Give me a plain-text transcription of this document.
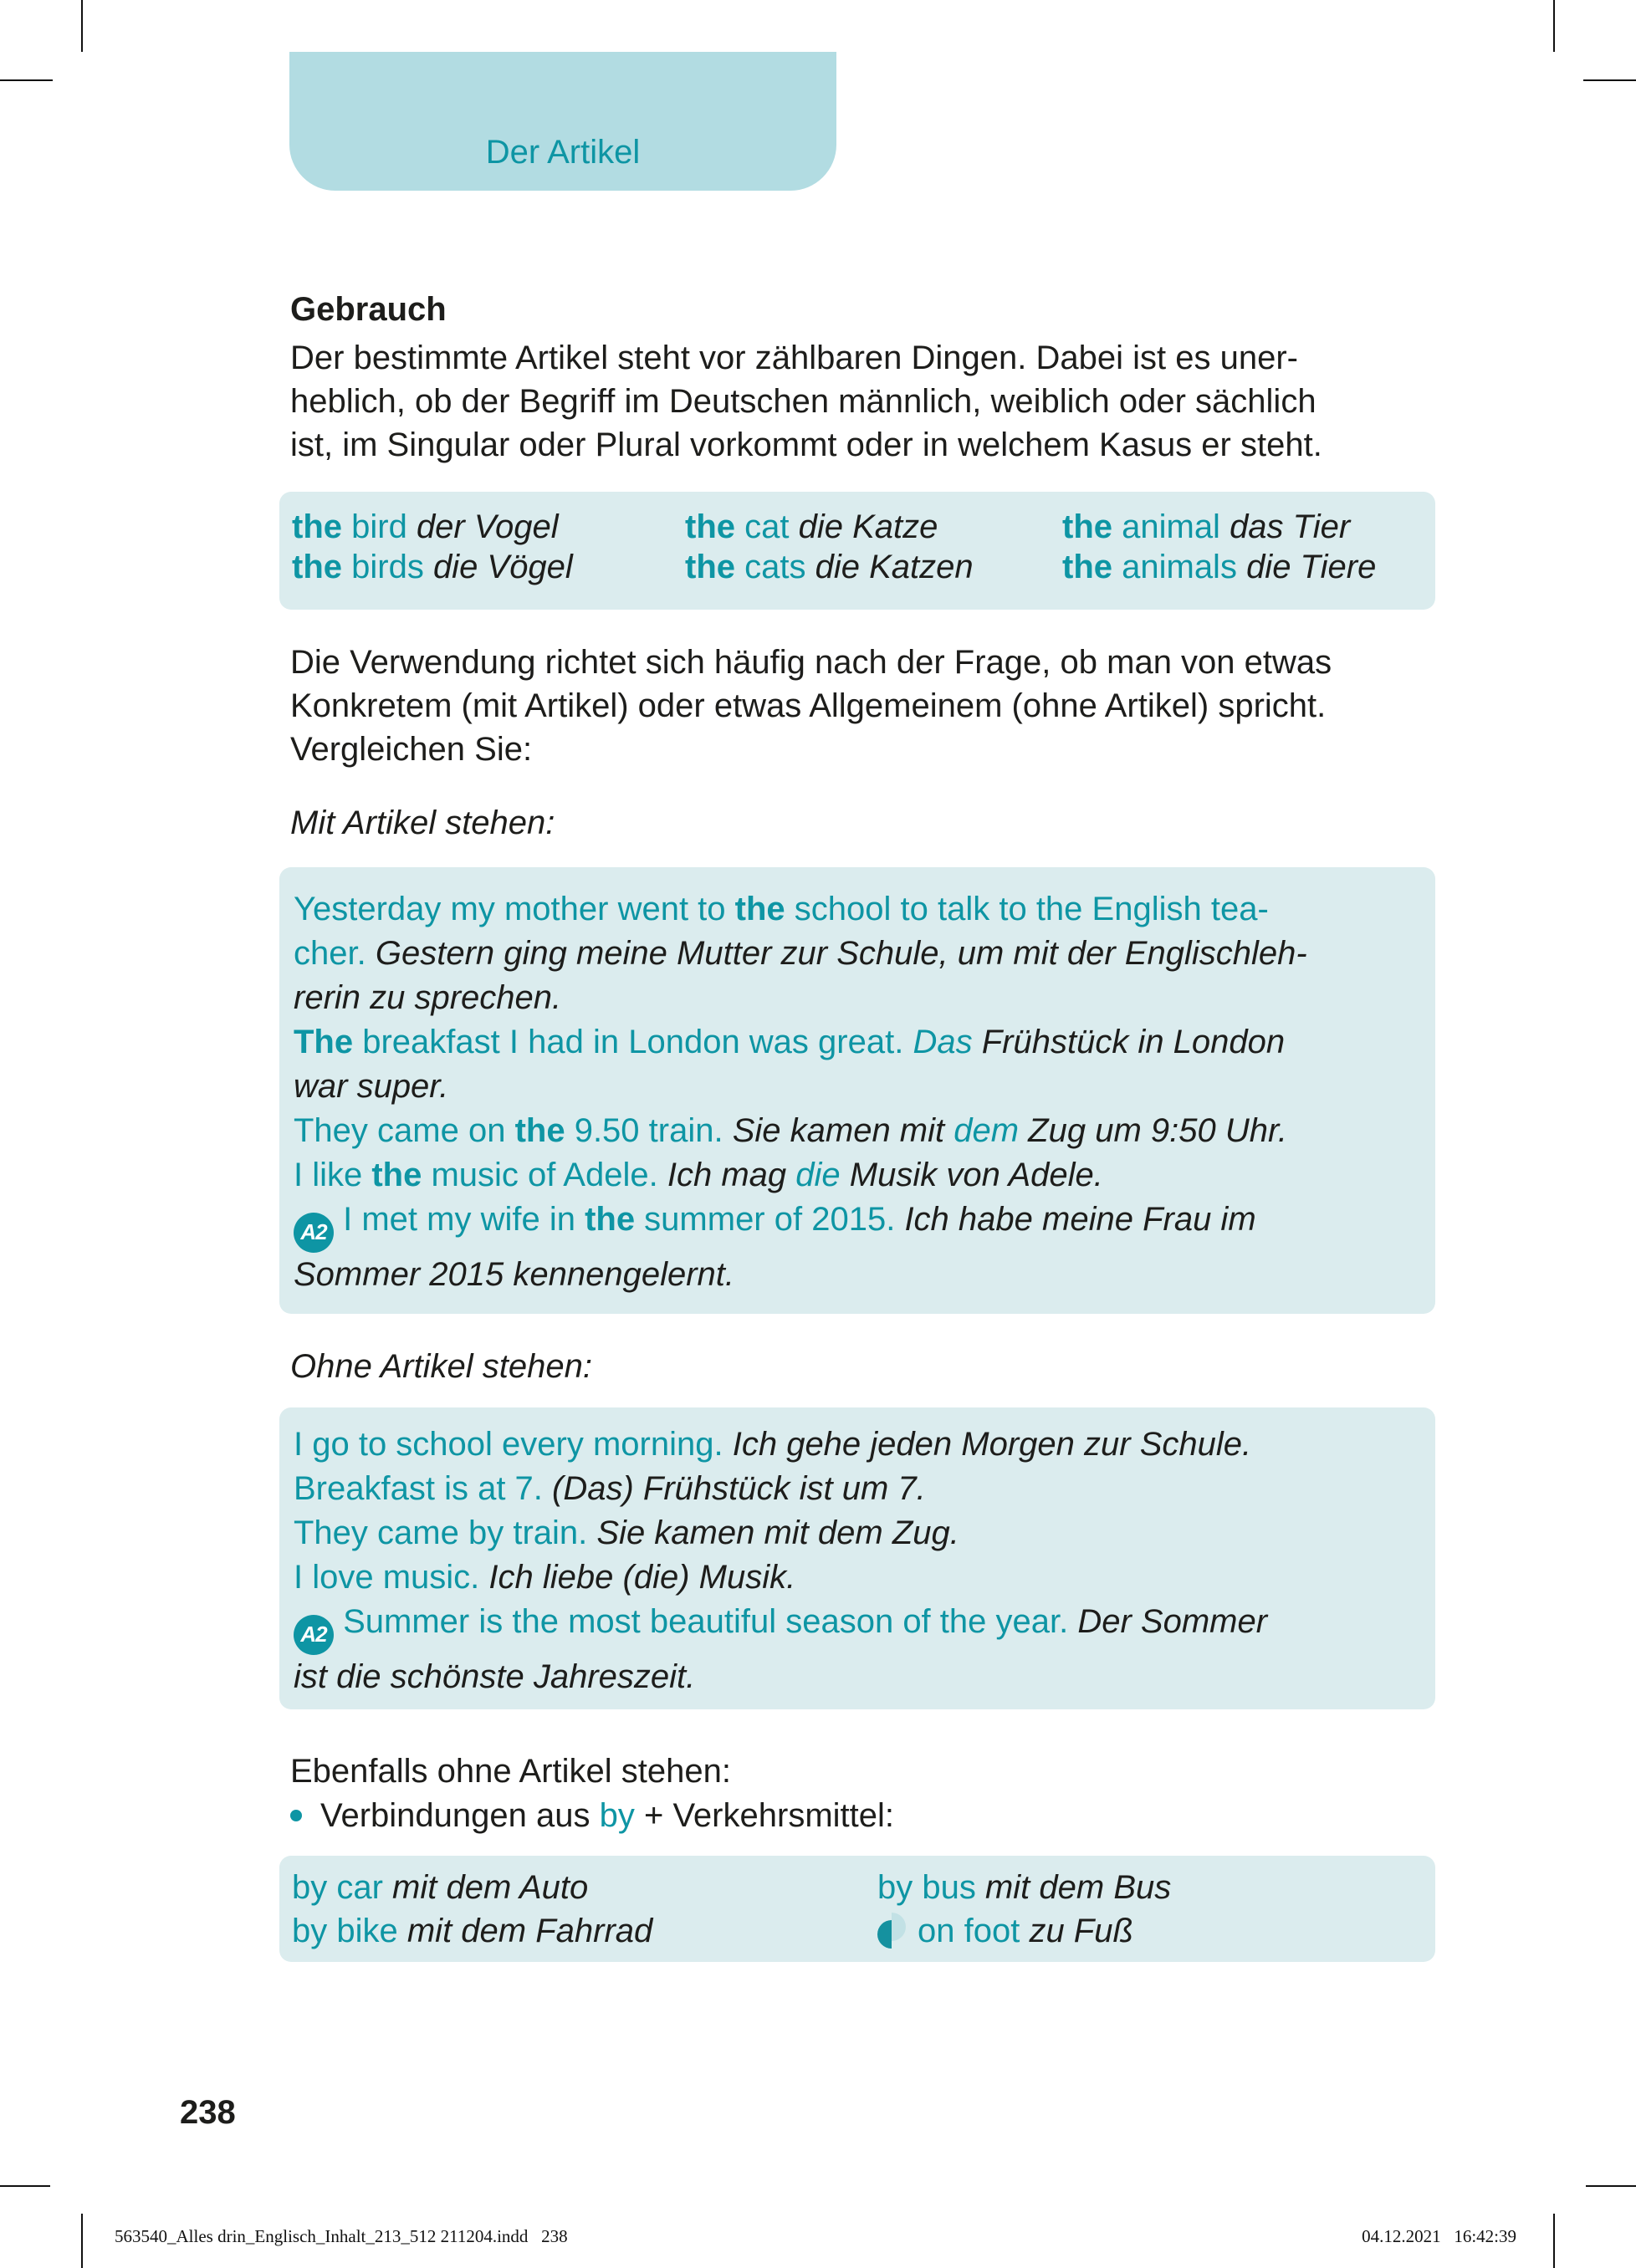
Der Artikel
Gebrauch
Der bestimmte Artikel steht vor zählbaren Dingen. Dabei ist es uner-
heblich, ob der Begriff im Deutschen männlich, weiblich oder sächlich
ist, im Singular oder Plural vorkommt oder in welchem Kasus er steht.
the bird der Vogel	the cat die Katze	the animal das Tier
the birds die Vögel	the cats die Katzen	the animals die Tiere
Die Verwendung richtet sich häufig nach der Frage, ob man von etwas
Konkretem (mit Artikel) oder etwas Allgemeinem (ohne Artikel) spricht.
Vergleichen Sie:
Mit Artikel stehen:
Yesterday my mother went to the school to talk to the English tea-
cher. Gestern ging meine Mutter zur Schule, um mit der Englischleh-
rerin zu sprechen.
The breakfast I had in London was great. Das Frühstück in London
war super.
They came on the 9.50 train. Sie kamen mit dem Zug um 9:50 Uhr.
I like the music of Adele. Ich mag die Musik von Adele.
A2 I met my wife in the summer of 2015. Ich habe meine Frau im
Sommer 2015 kennengelernt.
Ohne Artikel stehen:
I go to school every morning. Ich gehe jeden Morgen zur Schule.
Breakfast is at 7. (Das) Frühstück ist um 7.
They came by train. Sie kamen mit dem Zug.
I love music. Ich liebe (die) Musik.
A2 Summer is the most beautiful season of the year. Der Sommer
ist die schönste Jahreszeit.
Ebenfalls ohne Artikel stehen:
Verbindungen aus by + Verkehrsmittel:
by car mit dem Auto	by bus mit dem Bus
by bike mit dem Fahrrad	on foot zu Fuß
238
563540_Alles drin_Englisch_Inhalt_213_512 211204.indd   238	04.12.2021   16:42:39
